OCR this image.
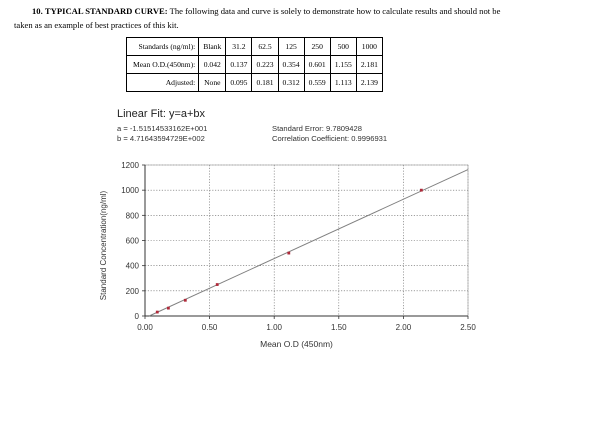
10. TYPICAL STANDARD CURVE: The following data and curve is solely to demonstrate how to calculate results and should not be
taken as an example of best practices of this kit.
Standards (ng/ml):	Blank	31.2	62.5	125	250	500	1000
Mean O.D.(450nm):	0.042	0.137	0.223	0.354	0.601	1.155	2.181
Adjusted:	None	0.095	0.181	0.312	0.559	1.113	2.139
Linear Fit: y=a+bx
a = -1.51514533162E+001
b = 4.71643594729E+002
Standard Error: 9.7809428
Correlation Coefficient: 0.9996931
0
200
400
600
800
1000
1200
0.00	0.50	1.00	1.50	2.00	2.50
Mean O.D (450nm)
Standard Concentration(ng/ml)
